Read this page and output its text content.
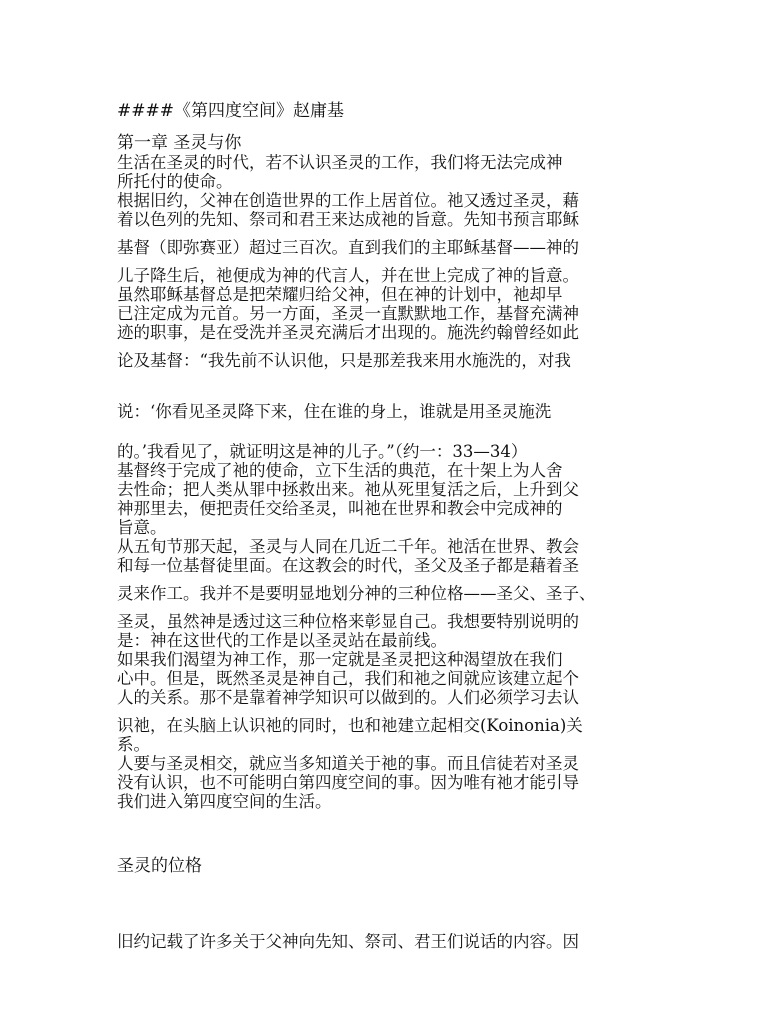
####《第四度空间》赵庸基
第一章 圣灵与你
生活在圣灵的时代，若不认识圣灵的工作，我们将无法完成神
所托付的使命。
根据旧约，父神在创造世界的工作上居首位。祂又透过圣灵，藉
着以色列的先知、祭司和君王来达成祂的旨意。先知书预言耶稣
基督（即弥赛亚）超过三百次。直到我们的主耶稣基督——神的
儿子降生后，祂便成为神的代言人，并在世上完成了神的旨意。
虽然耶稣基督总是把荣耀归给父神，但在神的计划中，祂却早
已注定成为元首。另一方面，圣灵一直默默地工作，基督充满神
迹的职事，是在受洗并圣灵充满后才出现的。施洗约翰曾经如此
论及基督：“我先前不认识他，只是那差我来用水施洗的，对我
说：‘你看见圣灵降下来，住在谁的身上，谁就是用圣灵施洗
的。’我看见了，就证明这是神的儿子。”（约一：33—34）
基督终于完成了祂的使命，立下生活的典范，在十架上为人舍
去性命；把人类从罪中拯救出来。祂从死里复活之后，上升到父
神那里去，便把责任交给圣灵，叫祂在世界和教会中完成神的
旨意。
从五旬节那天起，圣灵与人同在几近二千年。祂活在世界、教会
和每一位基督徒里面。在这教会的时代，圣父及圣子都是藉着圣
灵来作工。我并不是要明显地划分神的三种位格——圣父、圣子、
圣灵，虽然神是透过这三种位格来彰显自己。我想要特别说明的
是：神在这世代的工作是以圣灵站在最前线。
如果我们渴望为神工作，那一定就是圣灵把这种渴望放在我们
心中。但是，既然圣灵是神自己，我们和祂之间就应该建立起个
人的关系。那不是靠着神学知识可以做到的。人们必须学习去认
识祂，在头脑上认识祂的同时，也和祂建立起相交(Koinonia)关
系。
人要与圣灵相交，就应当多知道关于祂的事。而且信徒若对圣灵
没有认识，也不可能明白第四度空间的事。因为唯有祂才能引导
我们进入第四度空间的生活。
圣灵的位格
旧约记载了许多关于父神向先知、祭司、君王们说话的内容。因
